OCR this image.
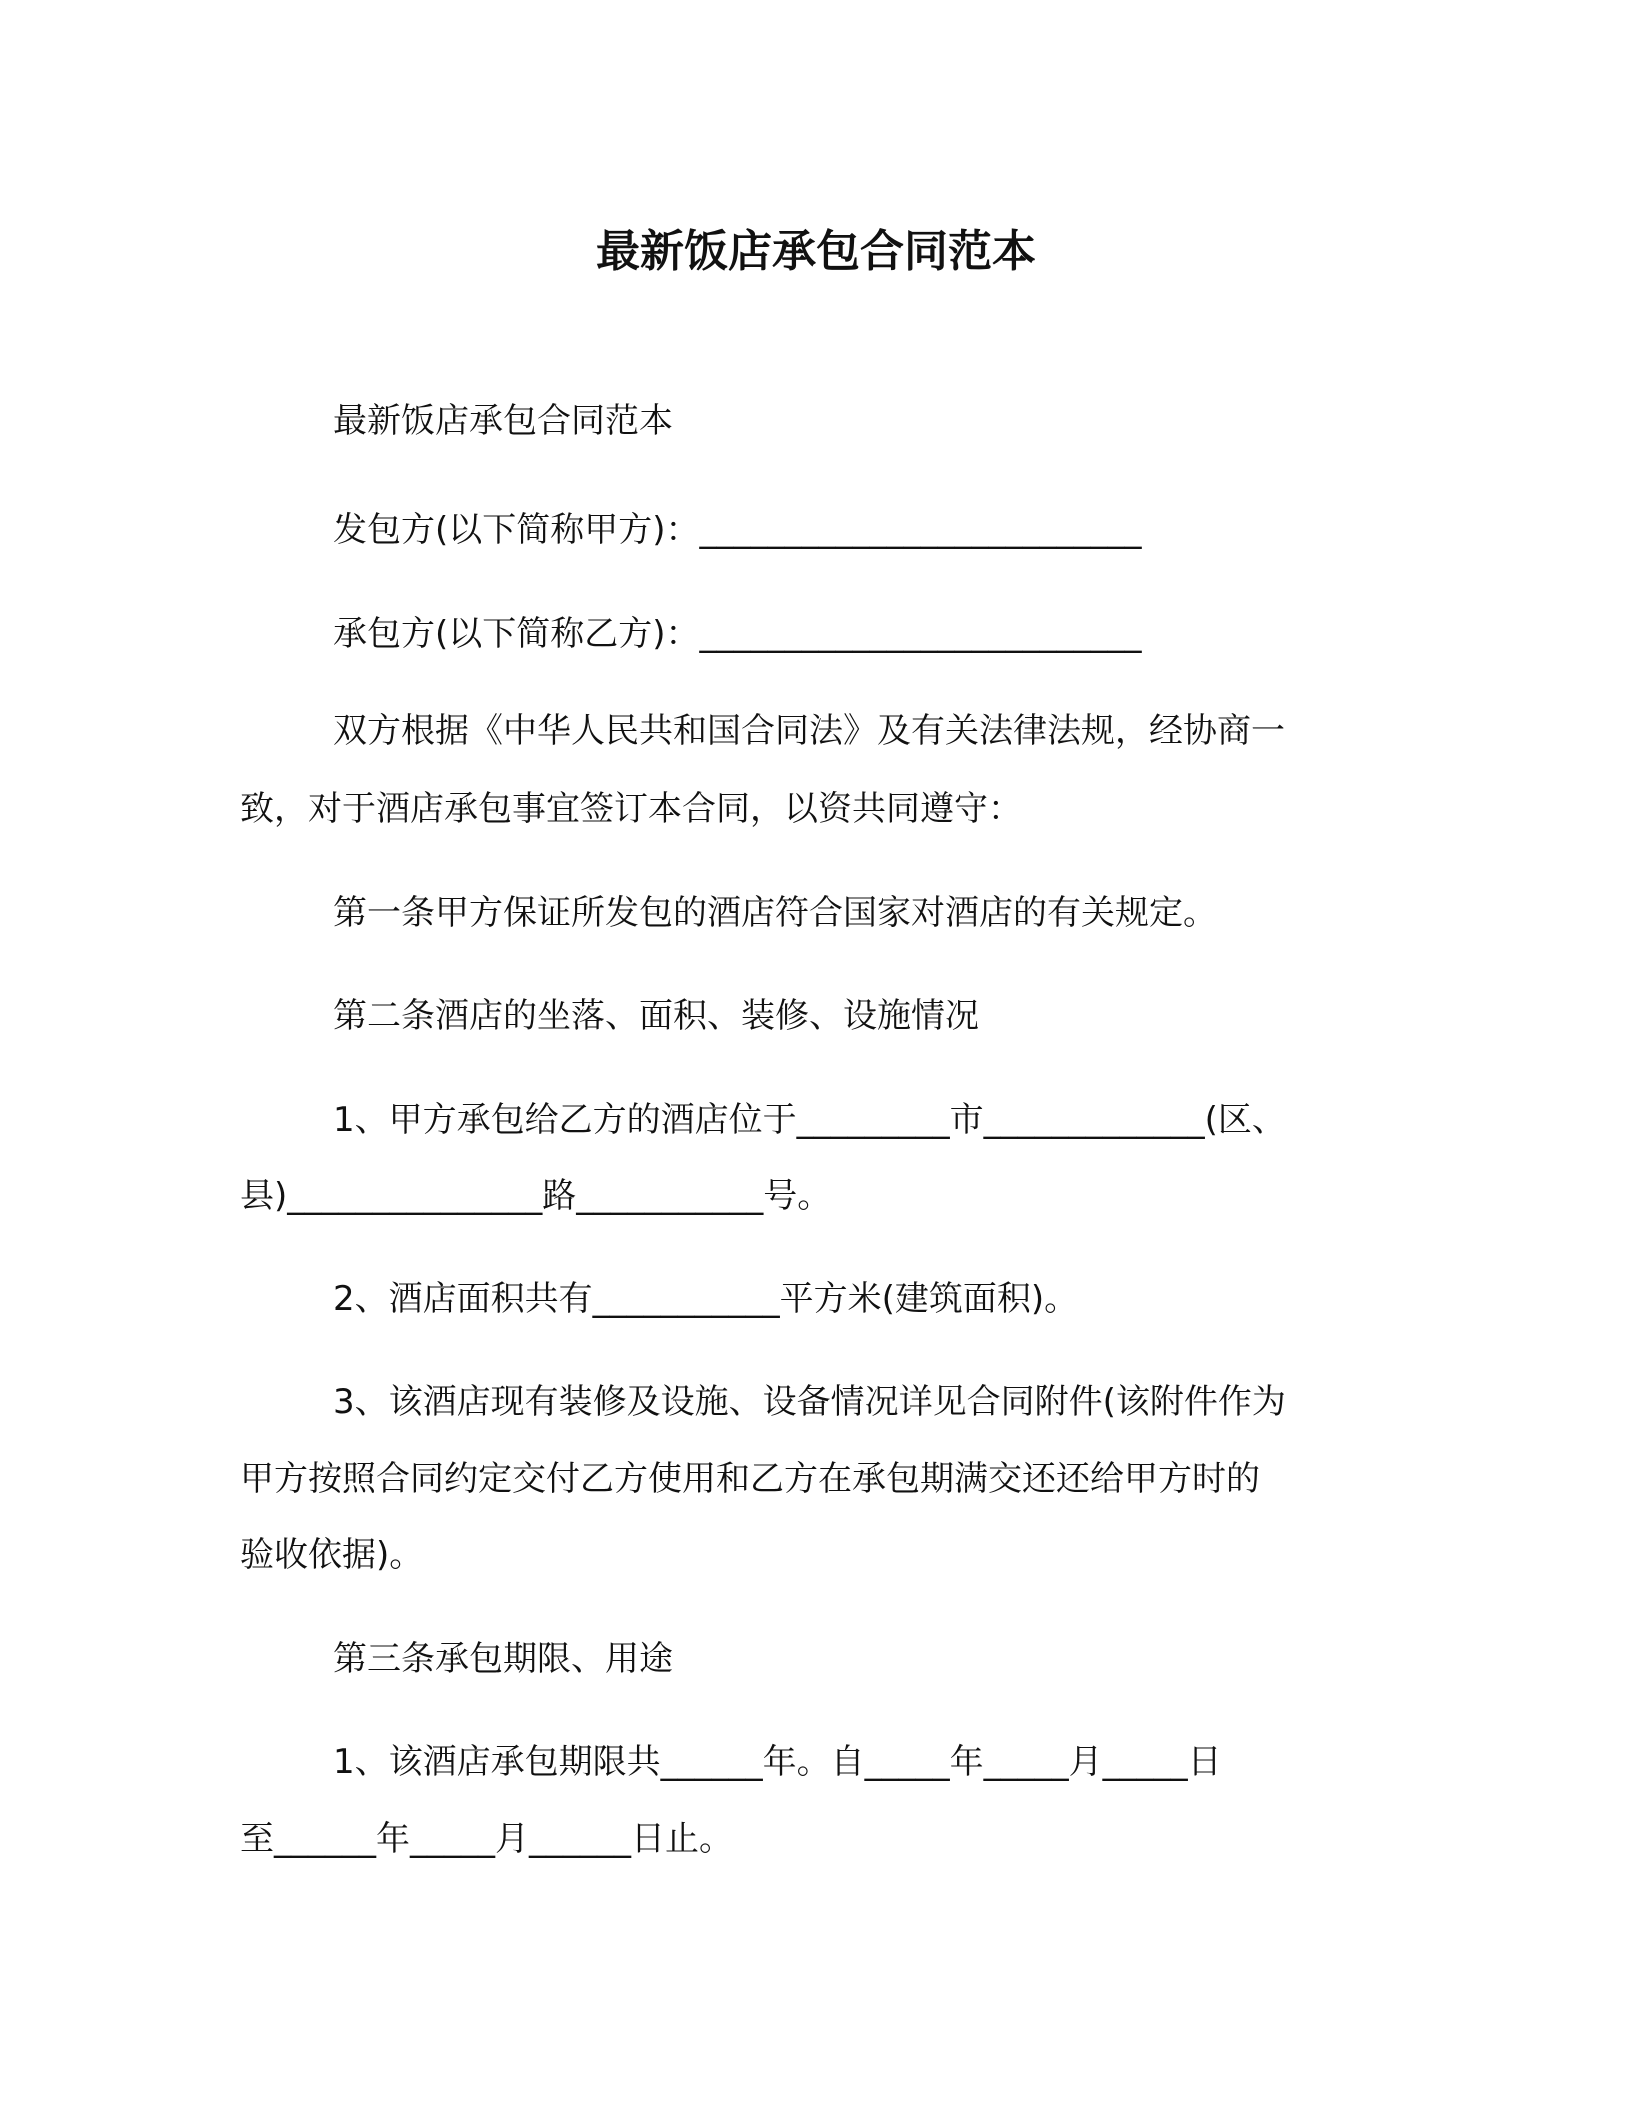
最新饭店承包合同范本
最新饭店承包合同范本
发包方(以下简称甲方)：__________________________
承包方(以下简称乙方)：__________________________
双方根据《中华人民共和国合同法》及有关法律法规，经协商一
致，对于酒店承包事宜签订本合同，以资共同遵守：
第一条甲方保证所发包的酒店符合国家对酒店的有关规定。
第二条酒店的坐落、面积、装修、设施情况
1、甲方承包给乙方的酒店位于_________市_____________(区、
县)_______________路___________号。
2、酒店面积共有___________平方米(建筑面积)。
3、该酒店现有装修及设施、设备情况详见合同附件(该附件作为
甲方按照合同约定交付乙方使用和乙方在承包期满交还还给甲方时的
验收依据)。
第三条承包期限、用途
1、该酒店承包期限共______年。自_____年_____月_____日
至______年_____月______日止。
